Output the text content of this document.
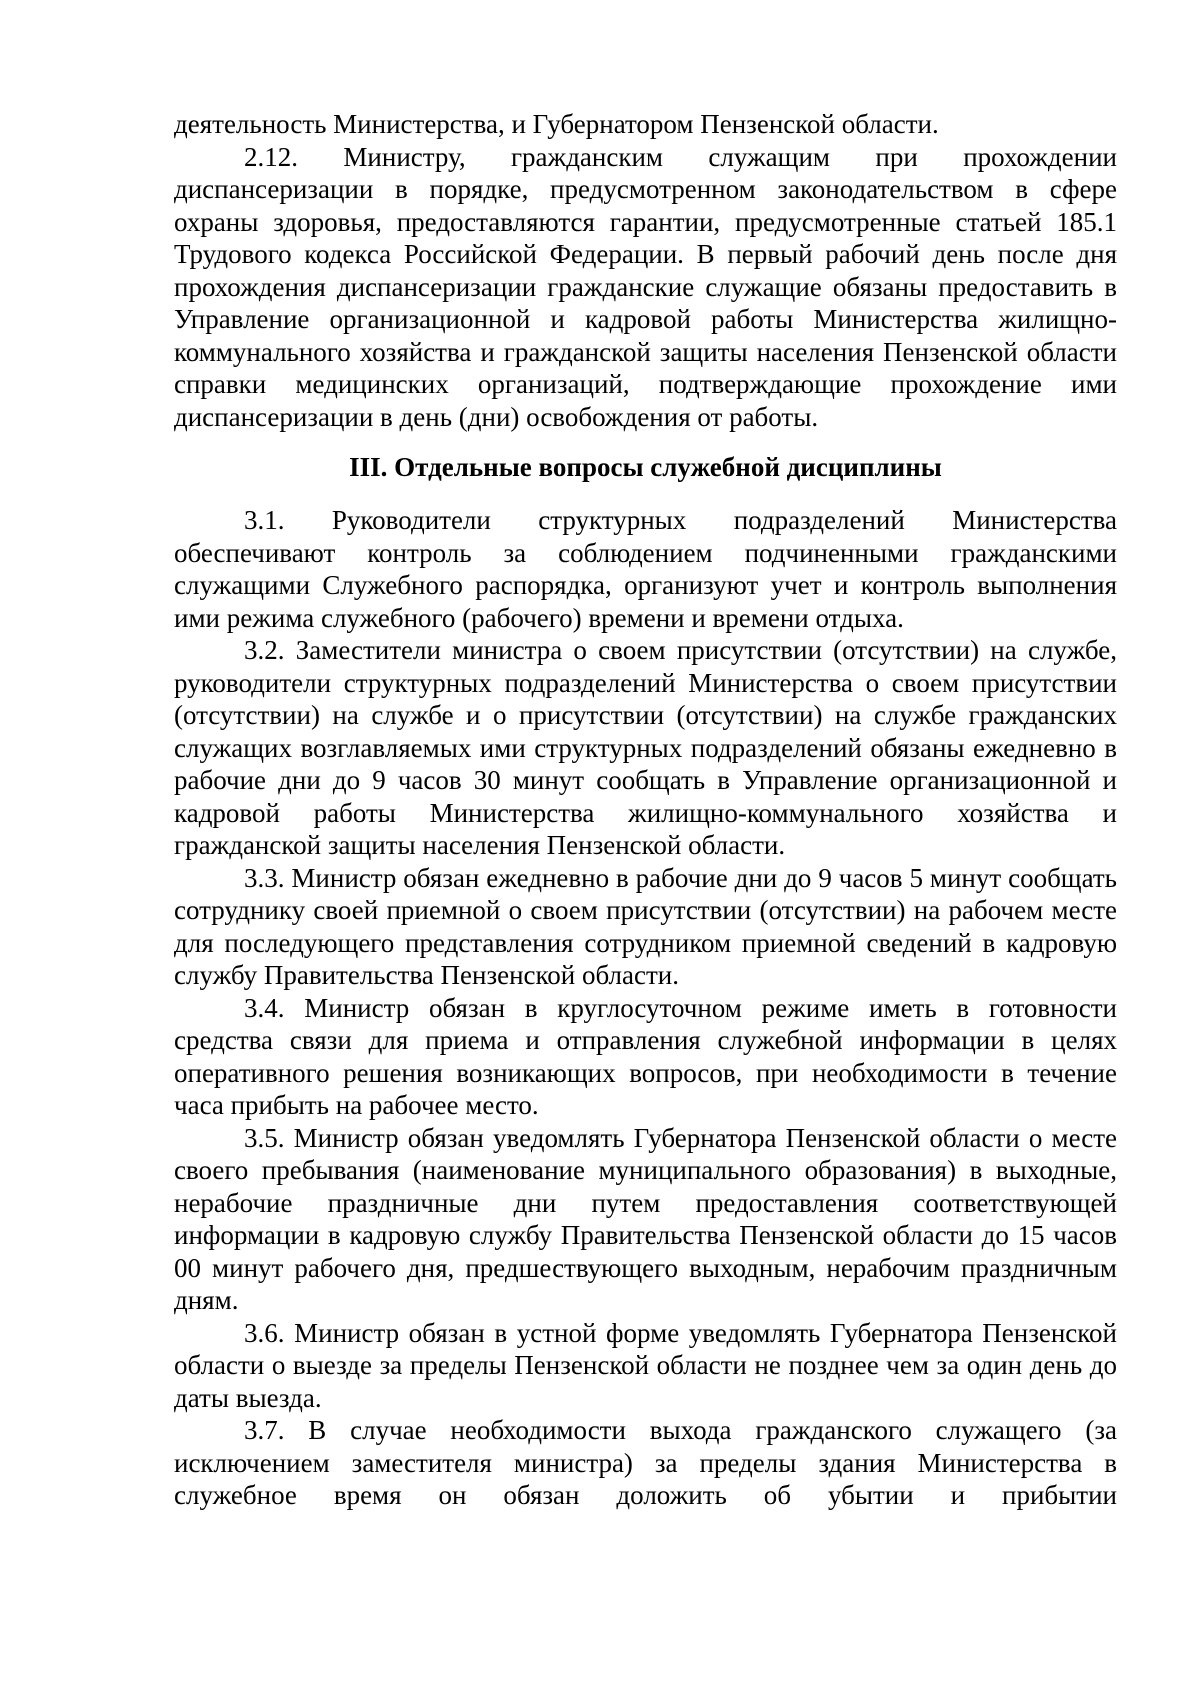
деятельность Министерства, и Губернатором Пензенской области.

2.12. Министру, гражданским служащим при прохождении диспансеризации в порядке, предусмотренном законодательством в сфере охраны здоровья, предоставляются гарантии, предусмотренные статьей 185.1 Трудового кодекса Российской Федерации. В первый рабочий день после дня прохождения диспансеризации гражданские служащие обязаны предоставить в Управление организационной и кадровой работы Министерства жилищно-коммунального хозяйства и гражданской защиты населения Пензенской области справки медицинских организаций, подтверждающие прохождение ими диспансеризации в день (дни) освобождения от работы.

III. Отдельные вопросы служебной дисциплины

3.1. Руководители структурных подразделений Министерства обеспечивают контроль за соблюдением подчиненными гражданскими служащими Служебного распорядка, организуют учет и контроль выполнения ими режима служебного (рабочего) времени и времени отдыха.

3.2. Заместители министра о своем присутствии (отсутствии) на службе, руководители структурных подразделений Министерства о своем присутствии (отсутствии) на службе и о присутствии (отсутствии) на службе гражданских служащих возглавляемых ими структурных подразделений обязаны ежедневно в рабочие дни до 9 часов 30 минут сообщать в Управление организационной и кадровой работы Министерства жилищно-коммунального хозяйства и гражданской защиты населения Пензенской области.

3.3. Министр обязан ежедневно в рабочие дни до 9 часов 5 минут сообщать сотруднику своей приемной о своем присутствии (отсутствии) на рабочем месте для последующего представления сотрудником приемной сведений в кадровую службу Правительства Пензенской области.

3.4. Министр обязан в круглосуточном режиме иметь в готовности средства связи для приема и отправления служебной информации в целях оперативного решения возникающих вопросов, при необходимости в течение часа прибыть на рабочее место.

3.5. Министр обязан уведомлять Губернатора Пензенской области о месте своего пребывания (наименование муниципального образования) в выходные, нерабочие праздничные дни путем предоставления соответствующей информации в кадровую службу Правительства Пензенской области до 15 часов 00 минут рабочего дня, предшествующего выходным, нерабочим праздничным дням.

3.6. Министр обязан в устной форме уведомлять Губернатора Пензенской области о выезде за пределы Пензенской области не позднее чем за один день до даты выезда.

3.7. В случае необходимости выхода гражданского служащего (за исключением заместителя министра) за пределы здания Министерства в служебное время он обязан доложить об убытии и прибытии
